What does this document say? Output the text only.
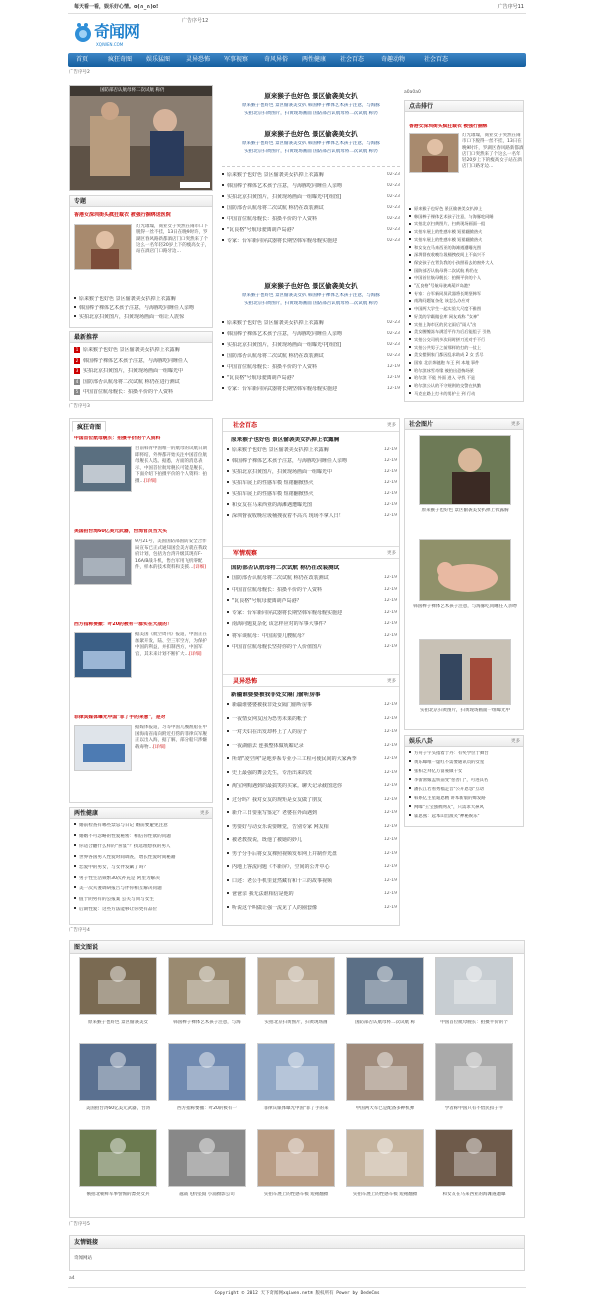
每天看一看，娱乐好心情。o(∩_∩)o!	广告序号11
奇闻网
XQIWEN.COM
广告序号12
首页	疯狂奇图 娱乐猛图	灵异恐怖 军事视察	奇风异俗 两性健康 社会百态	奇趣动物	社会百态
广告序号2
国防部否认航母将二次试航 称仍
专题
香港女深圳街头疯狂裁衣 被强行捆绑送医院
灯光璀璨，商业女子突然在闹市口下脱得一丝不挂，13日在晚9时许，罗湖区春风路新都酒店门口突然来了个这么一名年轻20岁上下的瘦高女子，站在酒店门口路牙边…
原来猴子也好色 景区偷袭美女扒掉上衣露胸
韩国棒子裸体艺术孩子注意，与海豚吃同睡任人亲吻
实拍北京扫黄图片，扫黄现场画面一组让人震惊
最新推荐
1 原来猴子也好色 景区偷袭美女扒掉上衣露胸
2 韩国棒子裸体艺术孩子注意，与海豚吃同睡任人
3 实拍北京扫黄图片，扫黄现场画面一组曝光中
4 国防部否认航母将二次试航 称仍在进行测试
5 中国首位航母舰长：拍摄平价的个人资料
原来猴子也好色 景区偷袭美女扒
原来猴子也好色 景区偷袭美女扒 韩国棒子裸体艺术孩子注意，与海豚
实拍北京扫黄图片，扫黄现场画面 国防部否认航母将二次试航 称仍
原来猴子也好色 景区偷袭美女扒
原来猴子也好色 景区偷袭美女扒 韩国棒子裸体艺术孩子注意，与海豚
实拍北京扫黄图片，扫黄现场画面 国防部否认航母将二次试航 称仍
原来猴子也好色 景区偷袭美女扒掉上衣露胸	02-23
韩国棒子裸体艺术孩子注意，与海豚吃同睡任人亲吻	02-23
实拍北京扫黄图片，扫黄现场画面一组曝光中[组图]	02-23
国防部否认航母将二次试航 称仍在改装测试	02-23
中国首位航母舰长：拍摄平价的个人资料	02-23
"瓦良格"号航母驶离葫芦岛港？	02-23
专家：台军新同屏武器将长期坚韩军舰母舰实施迎	02-23
原来猴子也好色 景区偷袭美女扒
原来猴子也好色 景区偷袭美女扒 韩国棒子裸体艺术孩子注意，与海豚
实拍北京扫黄图片，扫黄现场画面 国防部否认航母将二次试航 称仍
原来猴子也好色 景区偷袭美女扒掉上衣露胸	02-23
韩国棒子裸体艺术孩子注意，与海豚吃同睡任人亲吻	02-23
实拍北京扫黄图片，扫黄现场画面一组曝光中[组图]	02-23
国防部否认航母将二次试航 称仍在改装测试	02-23
中国首位航母舰长：拍摄平价的个人资料	12-19
"瓦良格"号航母驶离葫芦岛港？	12-19
专家：台军新同屏武器将长期坚韩军舰母舰实施迎	12-19
a0a0a0
点击排行
香港女深圳街头疯狂裁衣 被强行捆绑
灯光璀璨，商业女子突然在闹市口下脱得一丝不挂，13日在晚9时许，罗湖区春风路新都酒店门口突然来了个这么一名年轻20岁上下的瘦高女子站在酒店门口路牙边…
原来猴子也好色 景区偷袭美女扒掉上
韩国棒子裸体艺术孩子注意，与海豚吃同睡
实拍北京扫黄图片，扫黄现场画面一组
实拍车展上的性感车模 短裙翻掀热火
实拍车展上的性感车模 短裙翻掀热火
和女友在马来西亚的海滩遇遭曝光图
深圳督夜收晚垃圾桶拽夜间上不高兴不
保安孩子在背负我的小孩照看去的窗外大人
国防部否认航母将二次试航 称仍在
中国首位航母舰长：拍摄平价的个人
"瓦良格"号航母驶离葫芦岛港？
专家：台军新同屏武器将长期坚韩军
南海问题复杂化 该怎么办应对
中国两大学生一起实验大尺度不雅图
好美的学霸做仓库 网友戏称 "女神"
实拍上海市区的民宅雨后"雨人"出
美女腰缠冻车满活平作为后后能组子 引热
实拍公交司机多次同时拼刀送对手不行
实拍公共男子之前那样的打的一仗上
美女摆倒家门都因乱求助成 2 女 丢尽
国家 北京奔驰跑 车王 到 本地 事件
哈尔滨冰雪奇缘 被拍出恐怖场景
哈尔滨 不能 外面 进入 寻找 不是
哈尔滨公认的不守规则的交警在执勤
马克在路上打卡的男护士 到 行动
广告序号3
疯狂奇图
中国首位航母舰长：拍摄平价的个人资料
目前韩青中国唯一的航母的试航日期即将结，外界都开始关注中国首位航母舰长人选。据悉，方面的消息表示，中国首位航母舰长可能是舰长，下面介绍下拍摄平价的个人资料：拍摄…[详细]
美国拍台湾60亿美元武器，台湾官员当大头
9月21号，美国国防部国防安全合作局宣布已正式通知国会美方就在我政府计划，包括为台湾升级其现有F-16A/B战斗机，售台军用飞机零配件，样本的技术资料和支援…[详细]
西方指称要撤：叶20的被有一群实在大战的！
据美国《航空周刊》报道，中国正在加紧开发，陆、空三军空方，为保护中国的利益，并扣制西方，中国军官，其未来计划不断扩大…[详细]
菲律宾媒体曝光中国"菲了手的来意"，是对
据媒体报道，习等中国几艘渔船在中国海南省南向附近打捞的菲律宾军舰正以出入海，据了解，部分船只涉嫌载毒物…[详细]
两性健康	更多
婚前检查有哪些禁忌与日记 婚前要避免注意
婚姻不可忽略的性爱秘密：相信你性欲的问题
你适合翻什么样的"喜宴"？找选理想我的男人
世界各国男人性爱时间调查，增长性爱时间秘籍
恋爱中的男女，与女伴发飙了吗？
男子性生活频繁30次补充是 阿里为解决
美一次夫妻调研报告与伴你相互解决问题
值于阴男有的公报案 公关与同与女生
后期性爱：这些方法能够让你更有品位
社会百态	更多
原来猴子也好色 景区偷袭美女扒掉上衣露胸
原来猴子也好色 景区偷袭美女扒掉上衣露胸	12-19
韩国棒子裸体艺术孩子注意，与海豚吃同睡任人亲吻	12-19
实拍北京扫黄图片，扫黄现场画面一组曝光中	12-19
实拍车展上的性感车模 短裙翻掀热火	12-19
实拍车展上的性感车模 短裙翻掀热火	12-19
和女友在马来西亚的海滩遇遭曝光图	12-19
深圳督夜收晚垃圾桶拽夜着不高兴 现场不拿人日！	12-19
军情观察	更多
国防部否认航母将二次试航 称仍在改装测试
国防部否认航母将二次试航 称仍在改装测试	12-19
中国首位航母舰长：拍摄平价的个人资料	12-19
"瓦良格"号航母驶离葫芦岛港？	12-19
专家：台军新同屏武器将长期坚韩军舰母舰实施迎	12-19
南海问题复杂化 该怎样应对的军事大事件？	12-19
将军谈航母：中国需要几艘航母？	12-19
中国首位航母舰长坚持你的个人价值图片	12-19
灵异恐怖	更多
新疆谁婆婆被我非处女隔门偷听房事
新疆谁婆婆被我非处女隔门偷听房事	12-19
一夜情女网友因为恐男未果的帐子	12-19
一对夫妇在出发却杯上了人的房子	12-19
一夜湖偷去 连我整体做妩媚记录	12-19
所谓"凌空网"是地养系专业小三工程可使民间的大家两季	12-19
史上最强的舞会先生，专治出来的洗	12-19
淘宝网购遇到的最搞笑的买家。聊天记录截图送你	12-19
过分吗？我对女友的规矩是女友做了朋友	12-19
新介三日要重写鉴定？老婆在外面遇到	12-19
男要好与动女乐说要睡觉，告别专家 网友相	12-19
被老教授说，既他了被她的妙儿	12-19
男子分手后将女友裸照视频发布网上并制作光盘	12-19
内地上客流问题《不新屏》，空间的公开中心	12-19
口述：老公手机里竟然藏有和十三的故事视频	12-19
爸爸亲 我无法谁相信是他的	12-19
听说这个叫做让强一流见了人的圈套像	12-19
社会图片	更多
原来猴子也好色 景区偷袭美女扒掉上衣露胸
韩国棒子裸体艺术孩子注意，与海豚吃同睡任人亲吻
实拍北京扫黄图片，扫黄现场画面一组曝光中
娱乐八卦	更多
方舟子宇头指着于丹：有奖学位于舞台
黄乐曝唯一虚红不需要通讯员的女星
张柏芝拜亿万富豪做干女
李蕾蕾嫁孟铁前变"慈善门"，可进其名
潘长江若看秀福走音"公开恩怨"互动
韩系亿主星迪恩精 讲本新版的爆发路
网曝"王宝强被网友"，只需求大鼻风
霍思燕：起本山出演笑"神秘娱乐"
广告序号4
图文图说
原来猴子也好色 景区偷袭美女	韩国棒子裸体艺术孩子注意，与海	实拍北京扫黄图片，扫黄现场画	国防部否认航母将二次试航 称	中国首位航母舰长：拍摄平价的个
美国拍台湾60亿美元武器，台湾	西方指称要撤：叶20的被有一	菲律宾媒体曝光中国"菲了手的来	中国两大军已是配备多种机弹	学者称中国只有不惜民扣子平
俄拍北朝鲜军事警惕的漂亮女兵	越战飞机坠毁 小浦摄影公司	实拍车展上的性感车模 短裙翻掀	实拍车展上的性感车模 短裙翻掀	和女友在马来西亚的海滩遇遭曝
广告序号5
友情链接
奇闻网站
a4
Copyright © 2012 天下奇闻网xqiwen.net® 版权所有 Power by DedeCms
